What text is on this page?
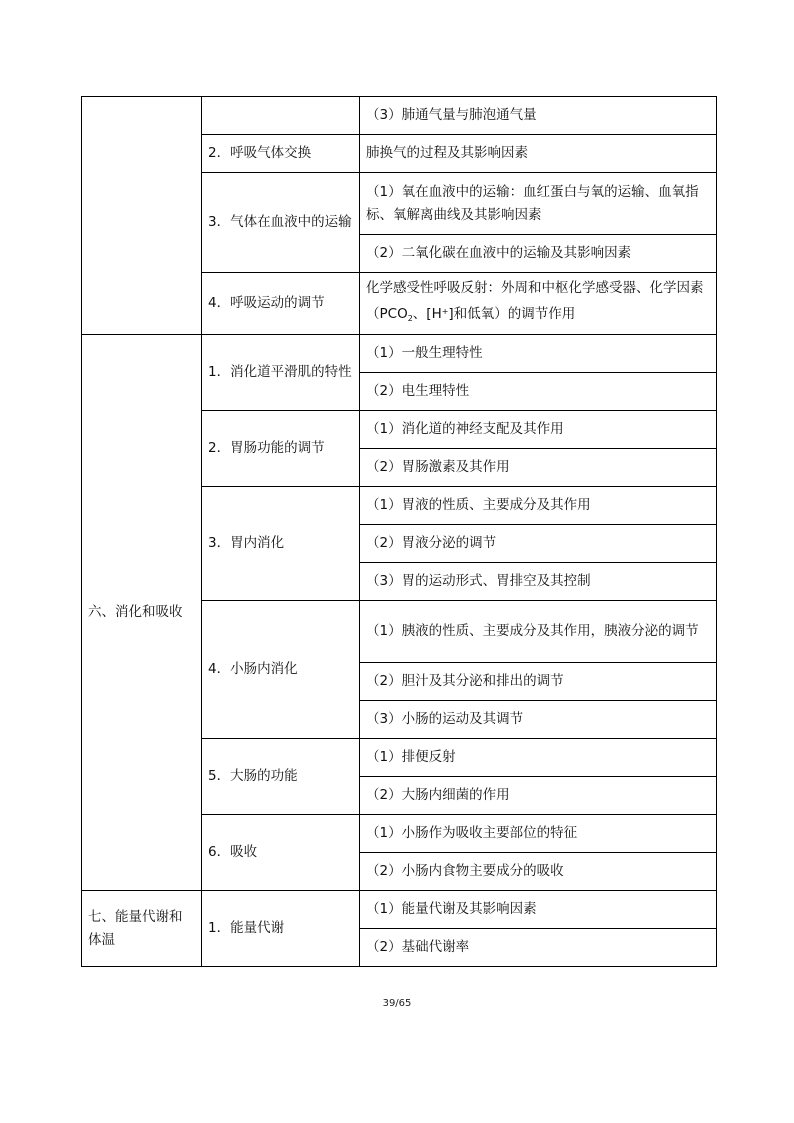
		（3）肺通气量与肺泡通气量
	2．呼吸气体交换	肺换气的过程及其影响因素
	3．气体在血液中的运输	（1）氧在血液中的运输：血红蛋白与氧的运输、血氧指标、氧解离曲线及其影响因素
		（2）二氧化碳在血液中的运输及其影响因素
	4．呼吸运动的调节	化学感受性呼吸反射：外周和中枢化学感受器、化学因素（$PCO_2$、[H+]和低氧）的调节作用

六、消化和吸收	1．消化道平滑肌的特性	（1）一般生理特性
		（2）电生理特性
	2．胃肠功能的调节	（1）消化道的神经支配及其作用
		（2）胃肠激素及其作用
	3．胃内消化	（1）胃液的性质、主要成分及其作用
		（2）胃液分泌的调节
		（3）胃的运动形式、胃排空及其控制
	4．小肠内消化	（1）胰液的性质、主要成分及其作用，胰液分泌的调节
		（2）胆汁及其分泌和排出的调节
		（3）小肠的运动及其调节
	5．大肠的功能	（1）排便反射
		（2）大肠内细菌的作用
	6．吸收	（1）小肠作为吸收主要部位的特征
		（2）小肠内食物主要成分的吸收
七、能量代谢和体温	1．能量代谢	（1）能量代谢及其影响因素
		（2）基础代谢率
39/65
